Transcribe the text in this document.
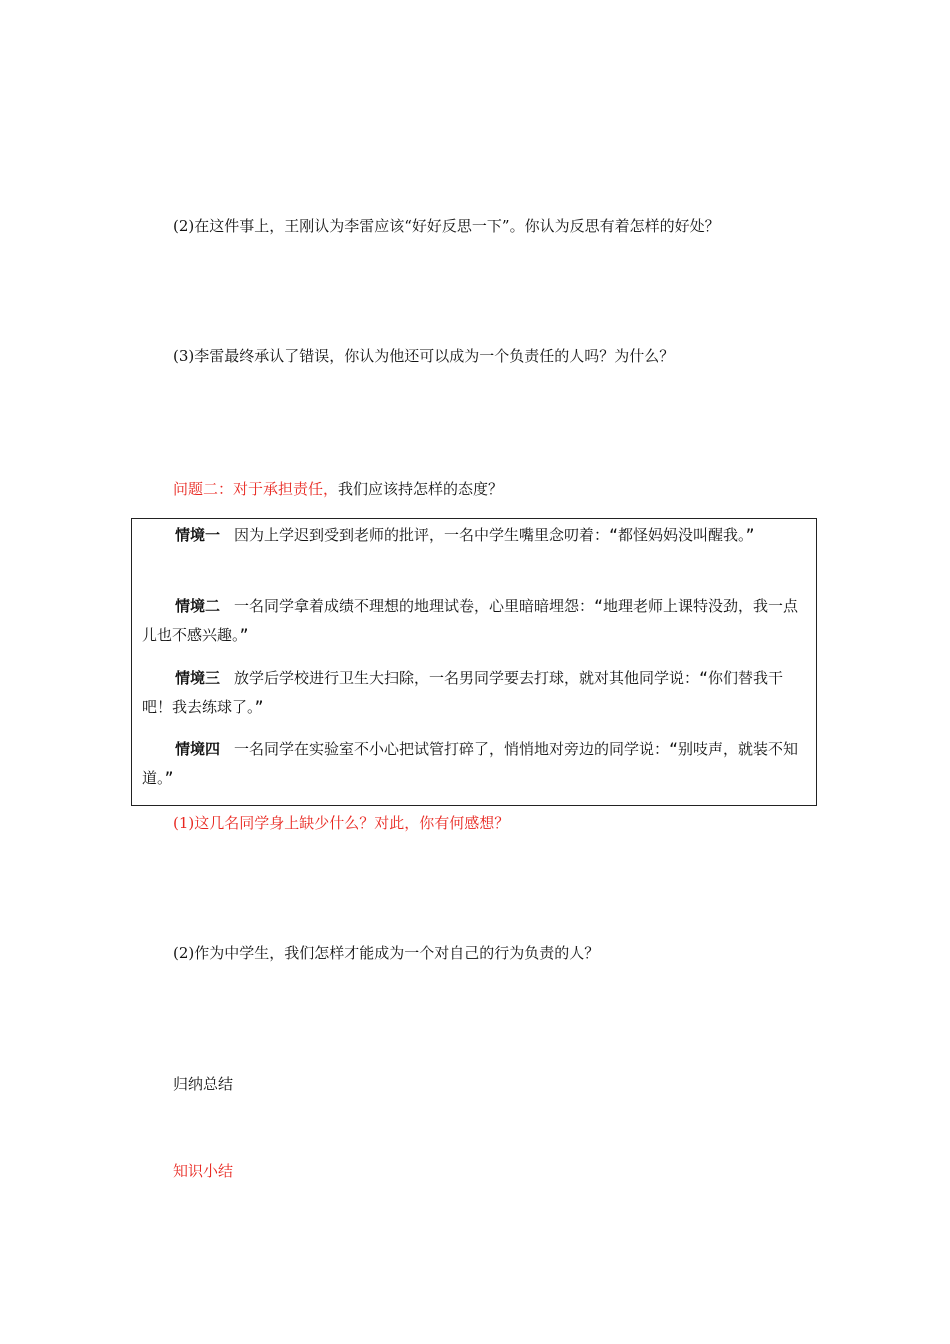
(2)在这件事上，王刚认为李雷应该“好好反思一下”。你认为反思有着怎样的好处？
(3)李雷最终承认了错误，你认为他还可以成为一个负责任的人吗？为什么？
问题二：对于承担责任，我们应该持怎样的态度？
情境一 因为上学迟到受到老师的批评，一名中学生嘴里念叨着：“都怪妈妈没叫醒我。”
情境二 一名同学拿着成绩不理想的地理试卷，心里暗暗埋怨：“地理老师上课特没劲，我一点儿也不感兴趣。”
情境三 放学后学校进行卫生大扫除，一名男同学要去打球，就对其他同学说：“你们替我干吧！我去练球了。”
情境四 一名同学在实验室不小心把试管打碎了，悄悄地对旁边的同学说：“别吱声，就装不知道。”
(1)这几名同学身上缺少什么？对此，你有何感想？
(2)作为中学生，我们怎样才能成为一个对自己的行为负责的人？
归纳总结
知识小结
